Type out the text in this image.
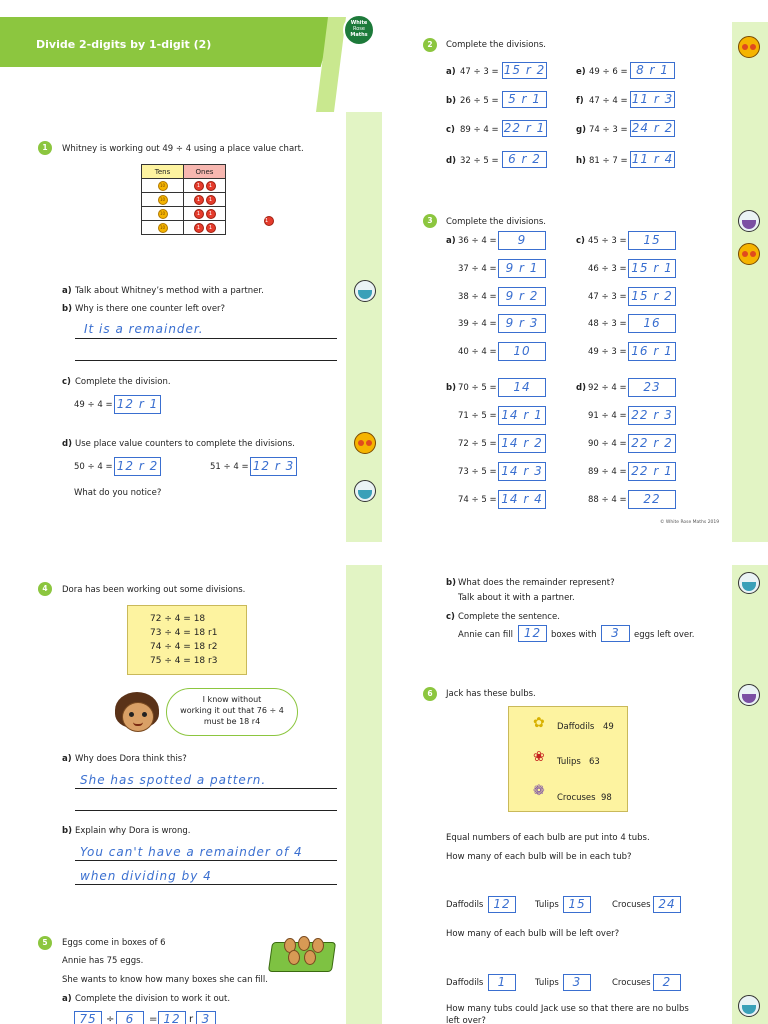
Divide 2-digits by 1-digit (2)
White
Rose
Maths
1	Whitney is working out 49 ÷ 4 using a place value chart.
Tens	Ones
10	1 1
10	1 1
10	1 1
10	1 1
1
a) Talk about Whitney’s method with a partner.
b) Why is there one counter left over?
It is a remainder.
c) Complete the division.
49 ÷ 4 = 12 r 1
d) Use place value counters to complete the divisions.
50 ÷ 4 = 12 r 2	51 ÷ 4 = 12 r 3
What do you notice?
2	Complete the divisions.
a) 47 ÷ 3 = 15 r 2
b) 26 ÷ 5 = 5 r 1
c) 89 ÷ 4 = 22 r 1
d) 32 ÷ 5 = 6 r 2
e) 49 ÷ 6 = 8 r 1
f) 47 ÷ 4 = 11 r 3
g) 74 ÷ 3 = 24 r 2
h) 81 ÷ 7 = 11 r 4
3	Complete the divisions.
a) 36 ÷ 4 =	9
37 ÷ 4 = 9 r 1
38 ÷ 4 = 9 r 2
39 ÷ 4 = 9 r 3
40 ÷ 4 =	10
c) 45 ÷ 3 =	15
46 ÷ 3 = 15 r 1
47 ÷ 3 = 15 r 2
48 ÷ 3 =	16
49 ÷ 3 = 16 r 1
b) 70 ÷ 5 =	14
71 ÷ 5 = 14 r 1
72 ÷ 5 = 14 r 2
73 ÷ 5 = 14 r 3
74 ÷ 5 = 14 r 4
d) 92 ÷ 4 =	23
91 ÷ 4 = 22 r 3
90 ÷ 4 = 22 r 2
89 ÷ 4 = 22 r 1
88 ÷ 4 =	22
© White Rose Maths 2019
4	Dora has been working out some divisions.
72 ÷ 4 = 18
73 ÷ 4 = 18 r1
74 ÷ 4 = 18 r2
75 ÷ 4 = 18 r3
I know without
working it out that 76 ÷ 4
must be 18 r4
a) Why does Dora think this?
She has spotted a pattern.
b) Explain why Dora is wrong.
You can't have a remainder of 4
when dividing by 4
5	Eggs come in boxes of 6
Annie has 75 eggs.
She wants to know how many boxes she can fill.
a) Complete the division to work it out.
75 ÷ 6	= 12 r 3
b) What does the remainder represent?
Talk about it with a partner.
c) Complete the sentence.
Annie can fill 12	boxes with	3	eggs left over.
6	Jack has these bulbs.
✿ Daffodils 49
❀ Tulips 63
❁ Crocuses 98
Equal numbers of each bulb are put into 4 tubs.
How many of each bulb will be in each tub?
Daffodils 12	Tulips 15	Crocuses 24
How many of each bulb will be left over?
Daffodils	1	Tulips	3	Crocuses	2
How many tubs could Jack use so that there are no bulbs
left over?
